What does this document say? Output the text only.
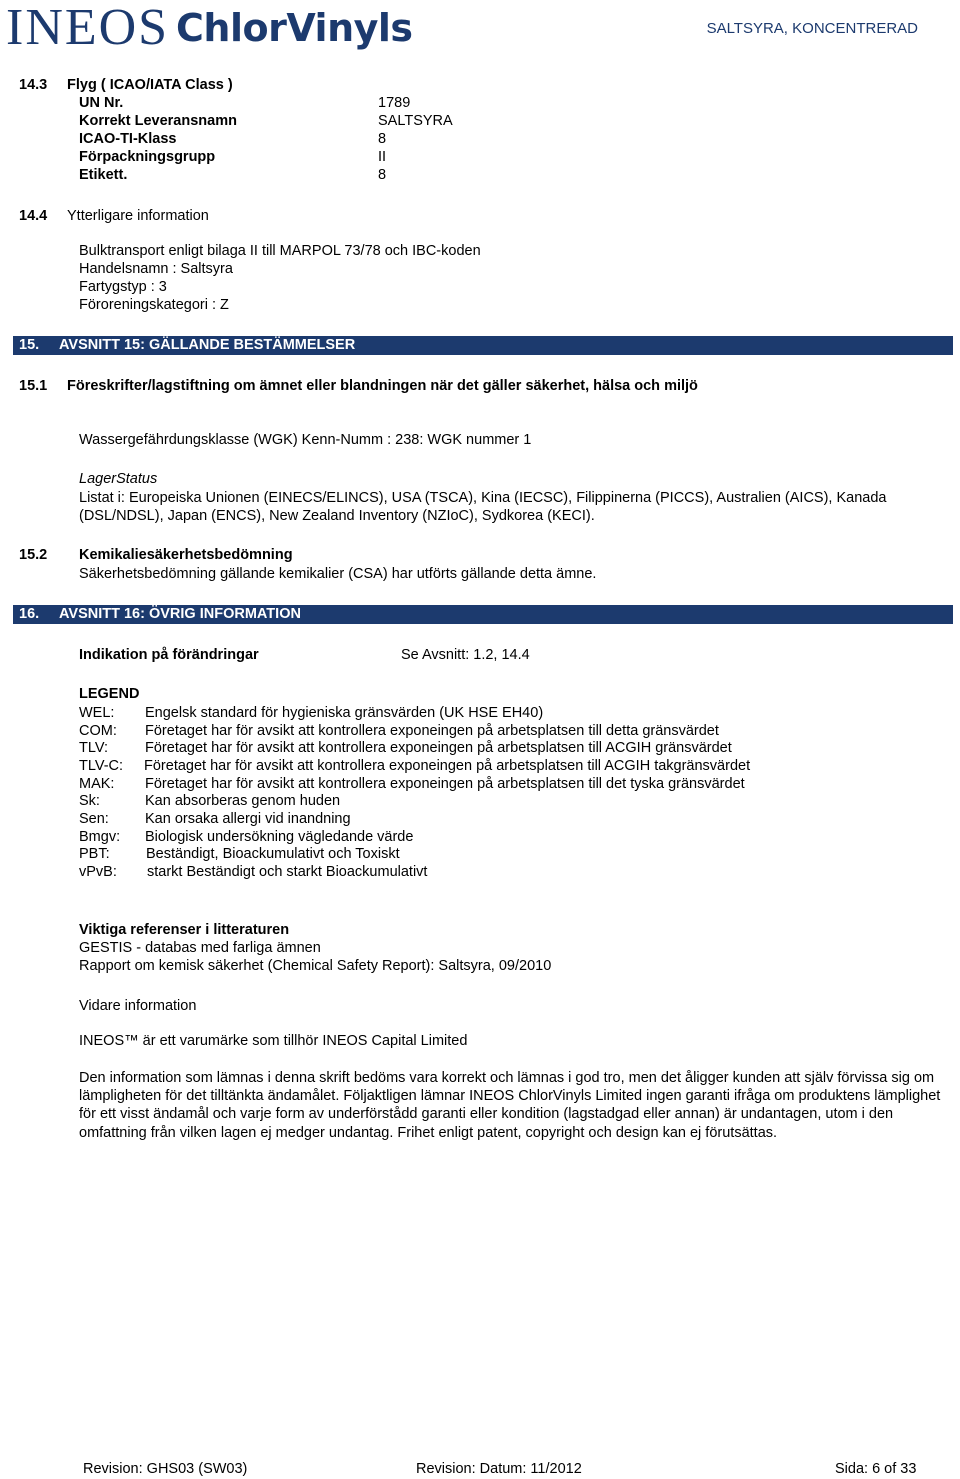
INEOS ChlorVinyls	SALTSYRA, KONCENTRERAD
14.3 Flyg ( ICAO/IATA Class )
UN Nr.	1789
Korrekt Leveransnamn	SALTSYRA
ICAO-TI-Klass	8
Förpackningsgrupp	II
Etikett.	8
14.4 Ytterligare information
Bulktransport enligt bilaga II till MARPOL 73/78 och IBC-koden
Handelsnamn : Saltsyra
Fartygstyp : 3
Föroreningskategori : Z
15. AVSNITT 15: GÄLLANDE BESTÄMMELSER
15.1 Föreskrifter/lagstiftning om ämnet eller blandningen när det gäller säkerhet, hälsa och miljö
Wassergefährdungsklasse (WGK) Kenn-Numm : 238: WGK nummer 1
LagerStatus
Listat i: Europeiska Unionen (EINECS/ELINCS), USA (TSCA), Kina (IECSC), Filippinerna (PICCS), Australien (AICS), Kanada (DSL/NDSL), Japan (ENCS), New Zealand Inventory (NZIoC), Sydkorea (KECI).
15.2 Kemikaliesäkerhetsbedömning
Säkerhetsbedömning gällande kemikalier (CSA) har utförts gällande detta ämne.
16. AVSNITT 16: ÖVRIG INFORMATION
Indikation på förändringar	Se Avsnitt: 1.2, 14.4
LEGEND
WEL: Engelsk standard för hygieniska gränsvärden (UK HSE EH40)
COM: Företaget har för avsikt att kontrollera exponeingen på arbetsplatsen till detta gränsvärdet
TLV:	Företaget har för avsikt att kontrollera exponeingen på arbetsplatsen till ACGIH gränsvärdet
TLV-C: Företaget har för avsikt att kontrollera exponeingen på arbetsplatsen till ACGIH takgränsvärdet
MAK: Företaget har för avsikt att kontrollera exponeingen på arbetsplatsen till det tyska gränsvärdet
Sk:	Kan absorberas genom huden
Sen: Kan orsaka allergi vid inandning
Bmgv: Biologisk undersökning vägledande värde
PBT:	Beständigt, Bioackumulativt och Toxiskt
vPvB: starkt Beständigt och starkt Bioackumulativt
Viktiga referenser i litteraturen
GESTIS - databas med farliga ämnen
Rapport om kemisk säkerhet (Chemical Safety Report): Saltsyra, 09/2010
Vidare information
INEOS™ är ett varumärke som tillhör INEOS Capital Limited
Den information som lämnas i denna skrift bedöms vara korrekt och lämnas i god tro, men det åligger kunden att själv förvissa sig om lämpligheten för det tilltänkta ändamålet. Följaktligen lämnar INEOS ChlorVinyls Limited ingen garanti ifråga om produktens lämplighet för ett visst ändamål och varje form av underförstådd garanti eller kondition (lagstadgad eller annan) är undantagen, utom i den omfattning från vilken lagen ej medger undantag. Frihet enligt patent, copyright och design kan ej förutsättas.
Revision: GHS03 (SW03)	Revision: Datum: 11/2012	Sida: 6 of 33
